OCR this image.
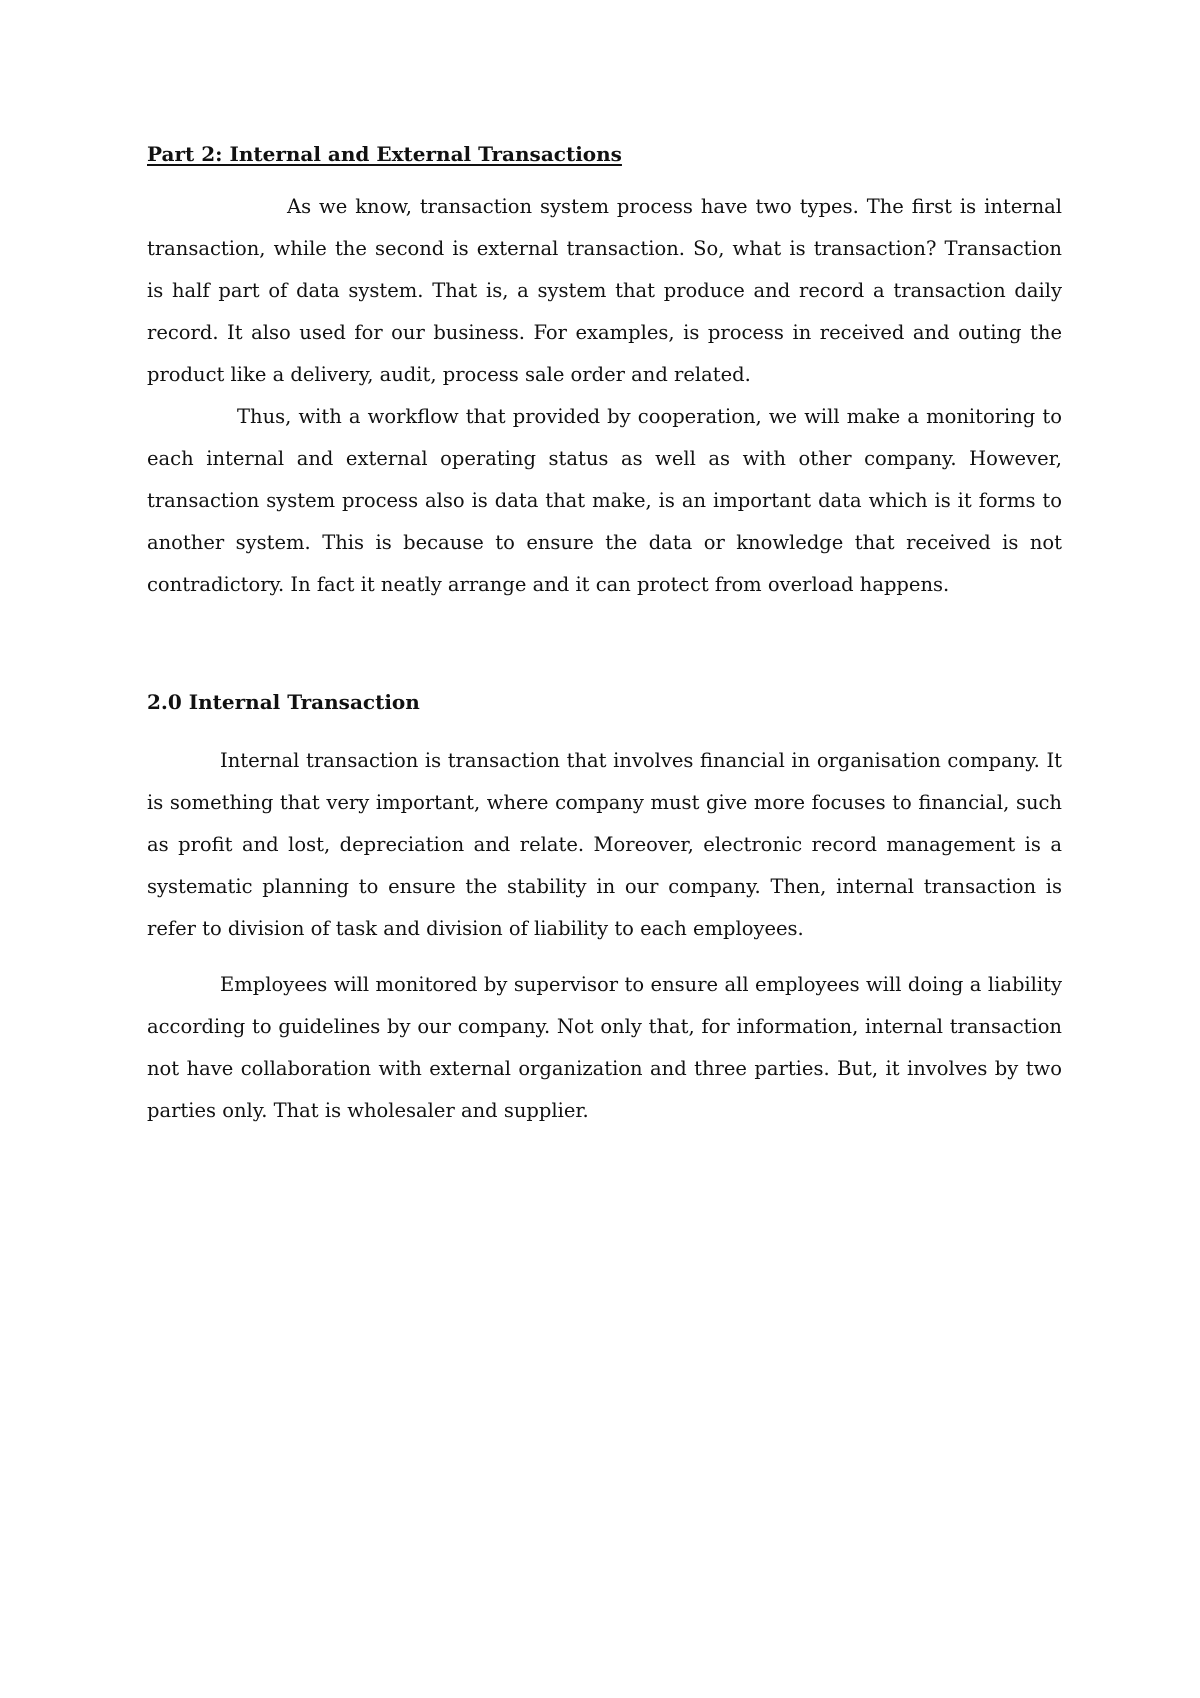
Part 2: Internal and External Transactions

As we know, transaction system process have two types. The first is internal transaction, while the second is external transaction. So, what is transaction? Transaction is half part of data system. That is, a system that produce and record a transaction daily record. It also used for our business. For examples, is process in received and outing the product like a delivery, audit, process sale order and related.

Thus, with a workflow that provided by cooperation, we will make a monitoring to each internal and external operating status as well as with other company. However, transaction system process also is data that make, is an important data which is it forms to another system. This is because to ensure the data or knowledge that received is not contradictory. In fact it neatly arrange and it can protect from overload happens.

2.0 Internal Transaction

Internal transaction is transaction that involves financial in organisation company. It is something that very important, where company must give more focuses to financial, such as profit and lost, depreciation and relate. Moreover, electronic record management is a systematic planning to ensure the stability in our company. Then, internal transaction is refer to division of task and division of liability to each employees.

Employees will monitored by supervisor to ensure all employees will doing a liability according to guidelines by our company. Not only that, for information, internal transaction not have collaboration with external organization and three parties. But, it involves by two parties only. That is wholesaler and supplier.
